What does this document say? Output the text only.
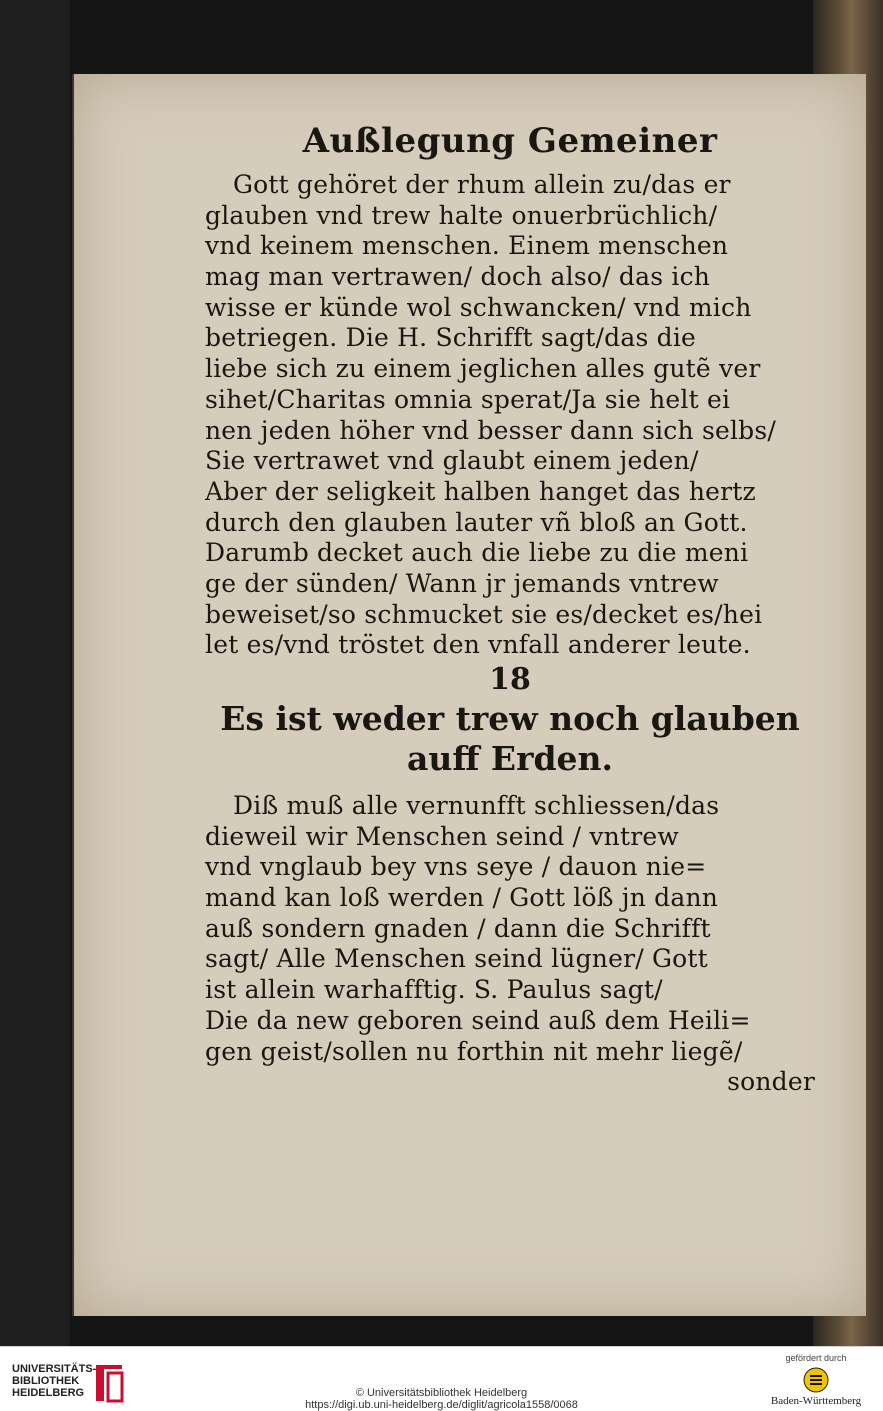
Außlegung Gemeiner
Gott gehöret der rhum allein zu/das er
glauben vnd trew halte onuerbrüchlich/
vnd keinem menschen. Einem menschen
mag man vertrawen/ doch also/ das ich
wisse er künde wol schwancken/ vnd mich
betriegen. Die H. Schrifft sagt/das die
liebe sich zu einem jeglichen alles gutẽ ver
sihet/Charitas omnia sperat/Ja sie helt ei
nen jeden höher vnd besser dann sich selbs/
Sie vertrawet vnd glaubt einem jeden/
Aber der seligkeit halben hanget das hertz
durch den glauben lauter vñ bloß an Gott.
Darumb decket auch die liebe zu die meni
ge der sünden/ Wann jr jemands vntrew
beweiset/so schmucket sie es/decket es/hei
let es/vnd tröstet den vnfall anderer leute.
18
Es ist weder trew noch glauben
auff Erden.
Diß muß alle vernunfft schliessen/das
dieweil wir Menschen seind / vntrew
vnd vnglaub bey vns seye / dauon nie=
mand kan loß werden / Gott löß jn dann
auß sondern gnaden / dann die Schrifft
sagt/ Alle Menschen seind lügner/ Gott
ist allein warhafftig. S. Paulus sagt/
Die da new geboren seind auß dem Heili=
gen geist/sollen nu forthin nit mehr liegẽ/
sonder
UNIVERSITÄTS-
BIBLIOTHEK
HEIDELBERG	© Universitätsbibliothek Heidelberg
https://digi.ub.uni-heidelberg.de/diglit/agricola1558/0068
gefördert durch
Baden-Württemberg
